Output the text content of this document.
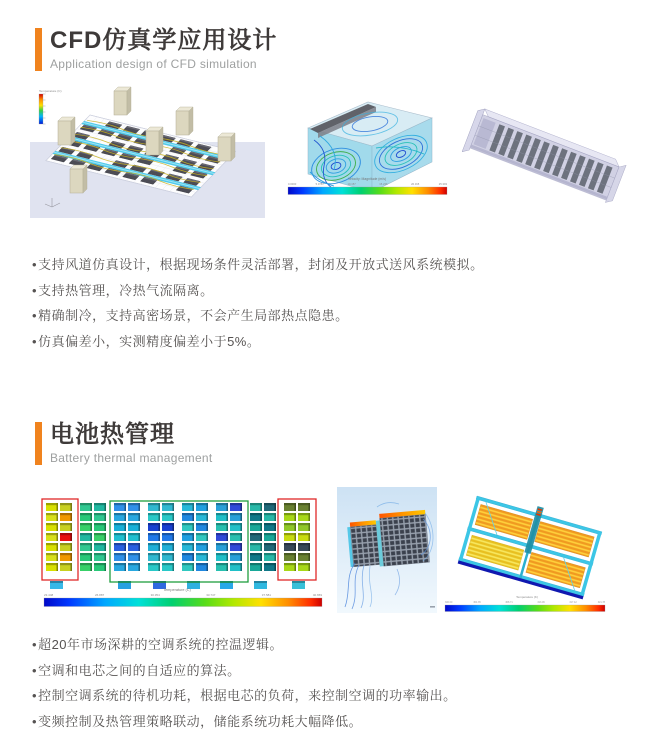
CFD仿真学应用设计
Application design of CFD simulation
Temperature (C)
Velocity: Magnitude (m/s)
0.0000	5.0787	10.157	15.236	20.315	25.393
•支持风道仿真设计，根据现场条件灵活部署，封闭及开放式送风系统模拟。
•支持热管理，冷热气流隔离。
•精确制冷，支持高密场景，不会产生局部热点隐患。
•仿真偏差小，实测精度偏差小于5%。
电池热管理
Battery thermal management
Temperature (C)
23.448	26.887	30.354	33.747	37.581	40.659	Temperature (K)
300.00	304.35	308.71	313.06	317.42	321.78
•超20年市场深耕的空调系统的控温逻辑。
•空调和电芯之间的自适应的算法。
•控制空调系统的待机功耗，根据电芯的负荷，来控制空调的功率输出。
•变频控制及热管理策略联动，储能系统功耗大幅降低。
